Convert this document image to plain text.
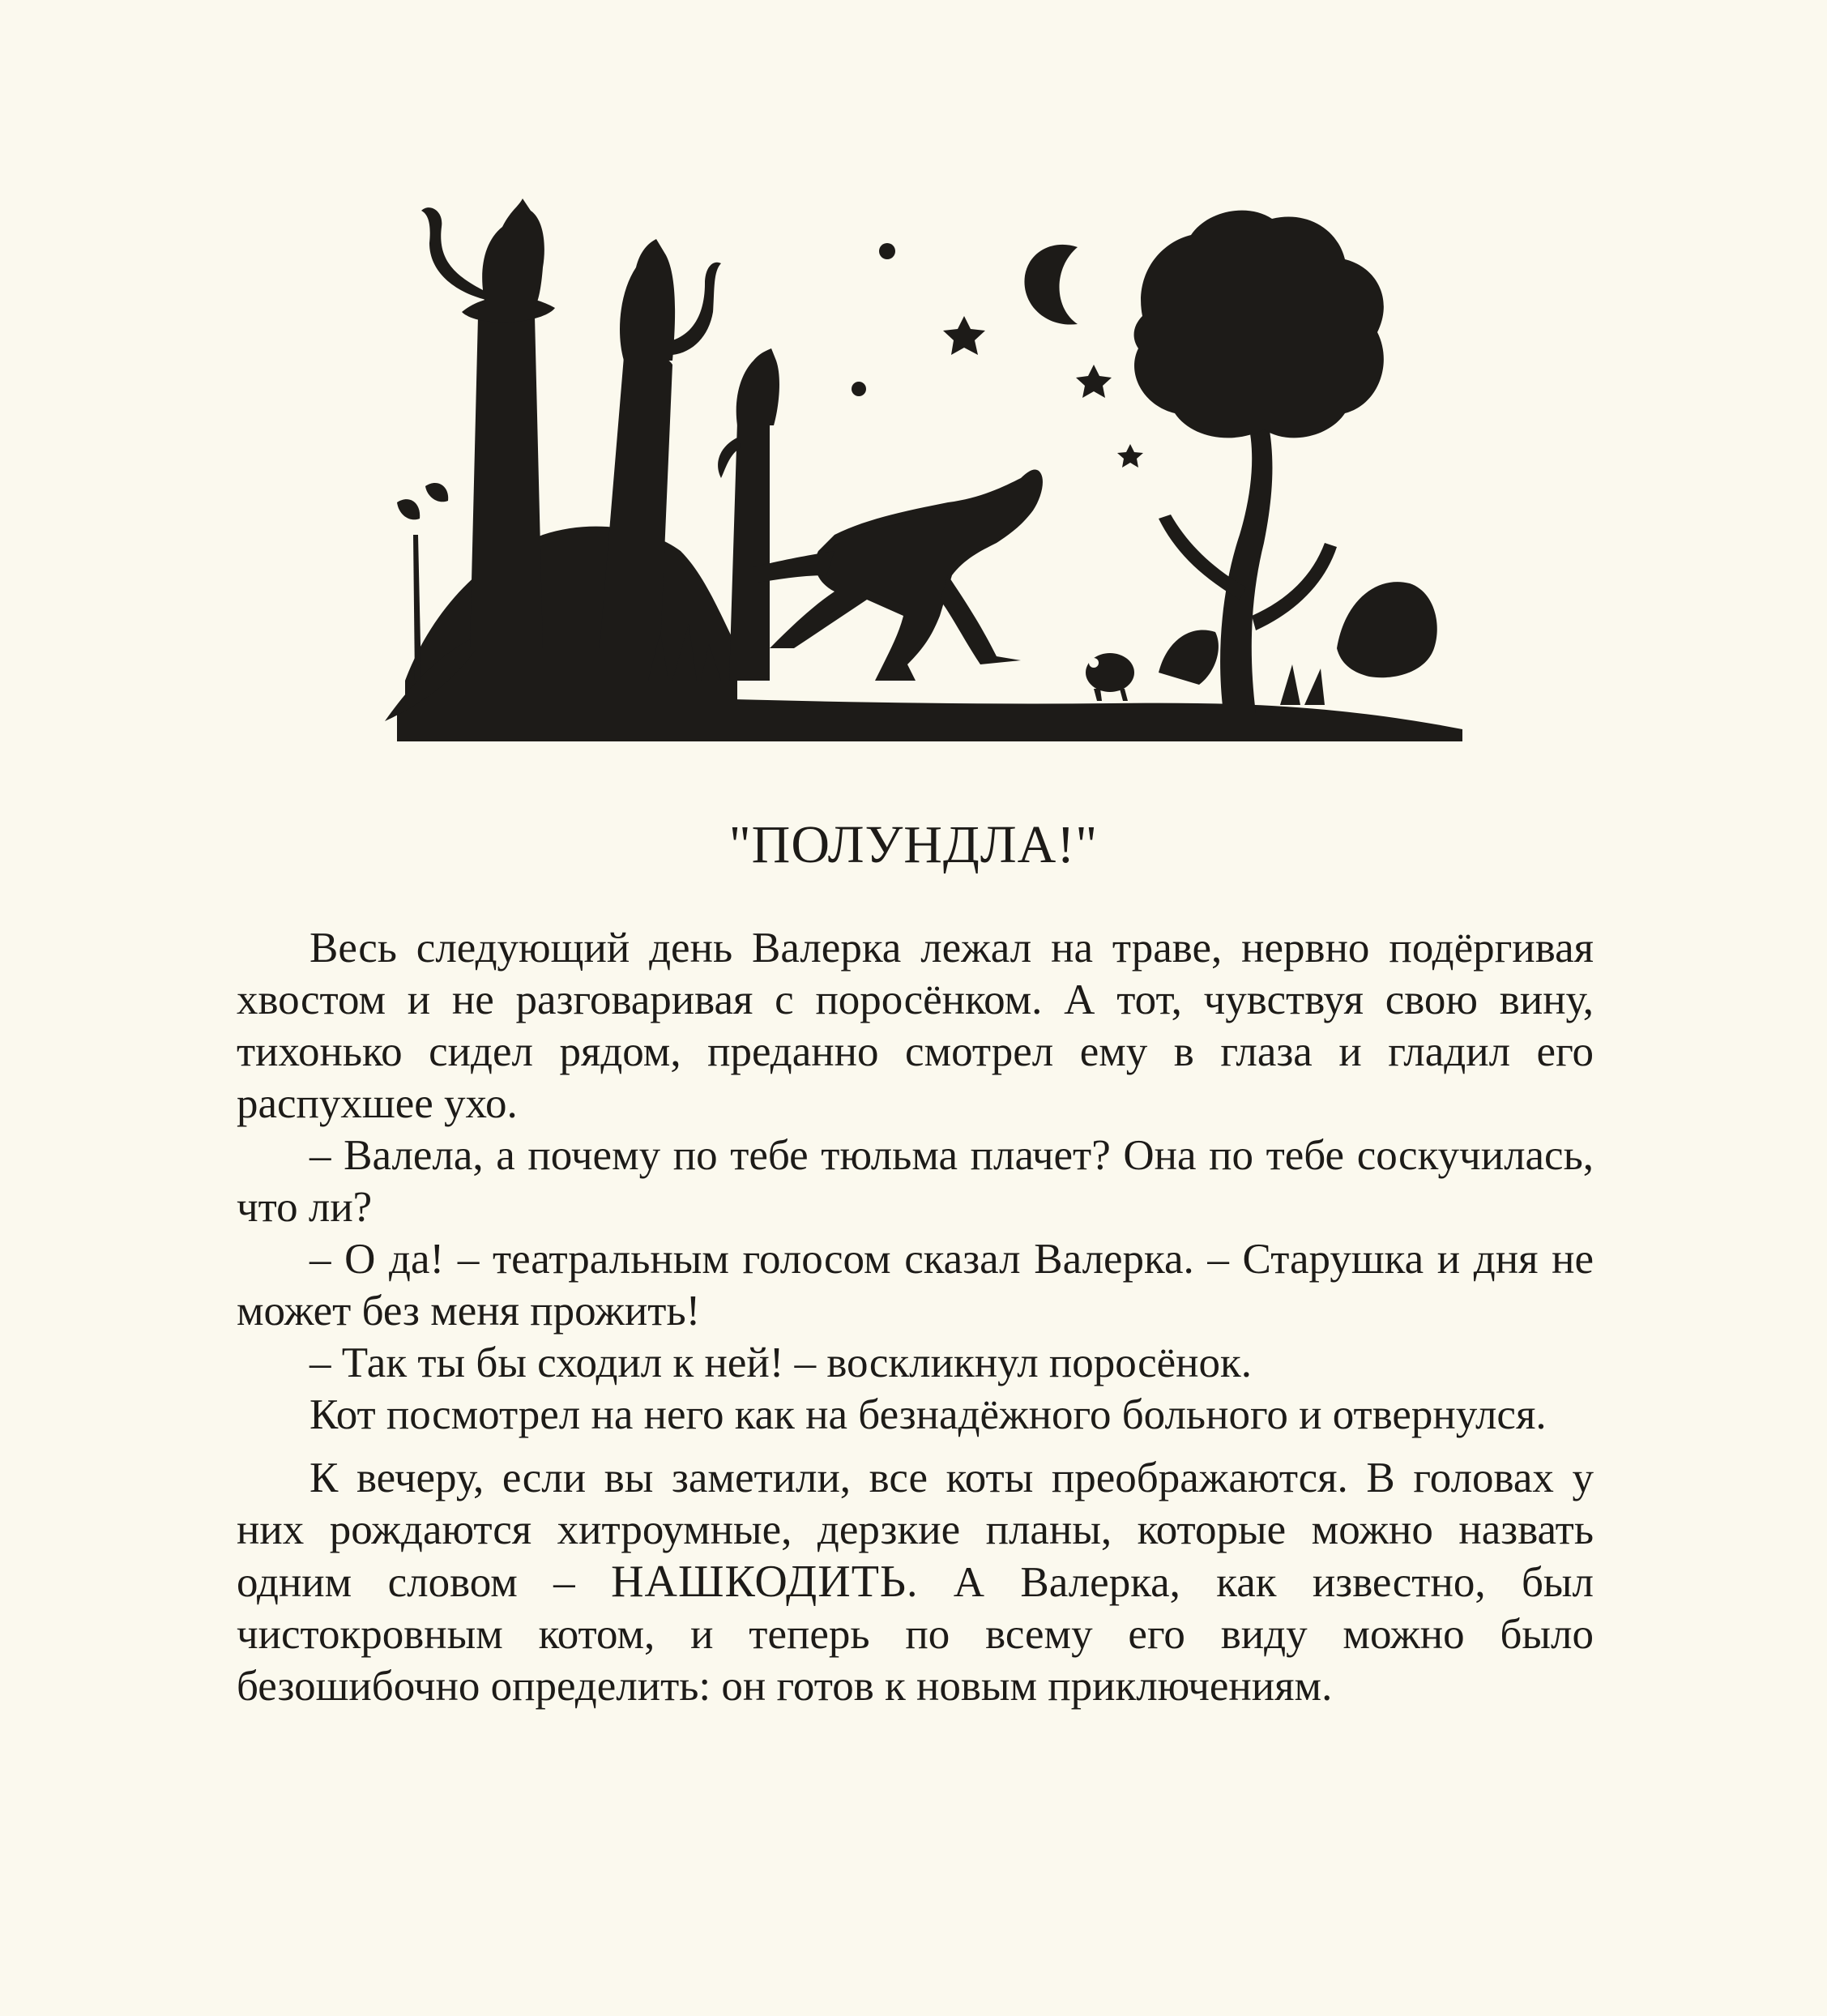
"ПОЛУНДЛА!"

Весь следующий день Валерка лежал на траве, нервно подёргивая хвостом и не разговаривая с поросёнком. А тот, чувствуя свою вину, тихонько сидел рядом, преданно смотрел ему в глаза и гладил его распухшее ухо.

– Валела, а почему по тебе тюльма плачет? Она по тебе соскучилась, что ли?

– О да! – театральным голосом сказал Валерка. – Старушка и дня не может без меня прожить!

– Так ты бы сходил к ней! – воскликнул поросёнок.

Кот посмотрел на него как на безнадёжного больного и отвернулся.

К вечеру, если вы заметили, все коты преображаются. В головах у них рождаются хитроумные, дерзкие планы, которые можно назвать одним словом – НАШКОДИТЬ. А Валерка, как известно, был чистокровным котом, и теперь по всему его виду можно было безошибочно определить: он готов к новым приключениям.
